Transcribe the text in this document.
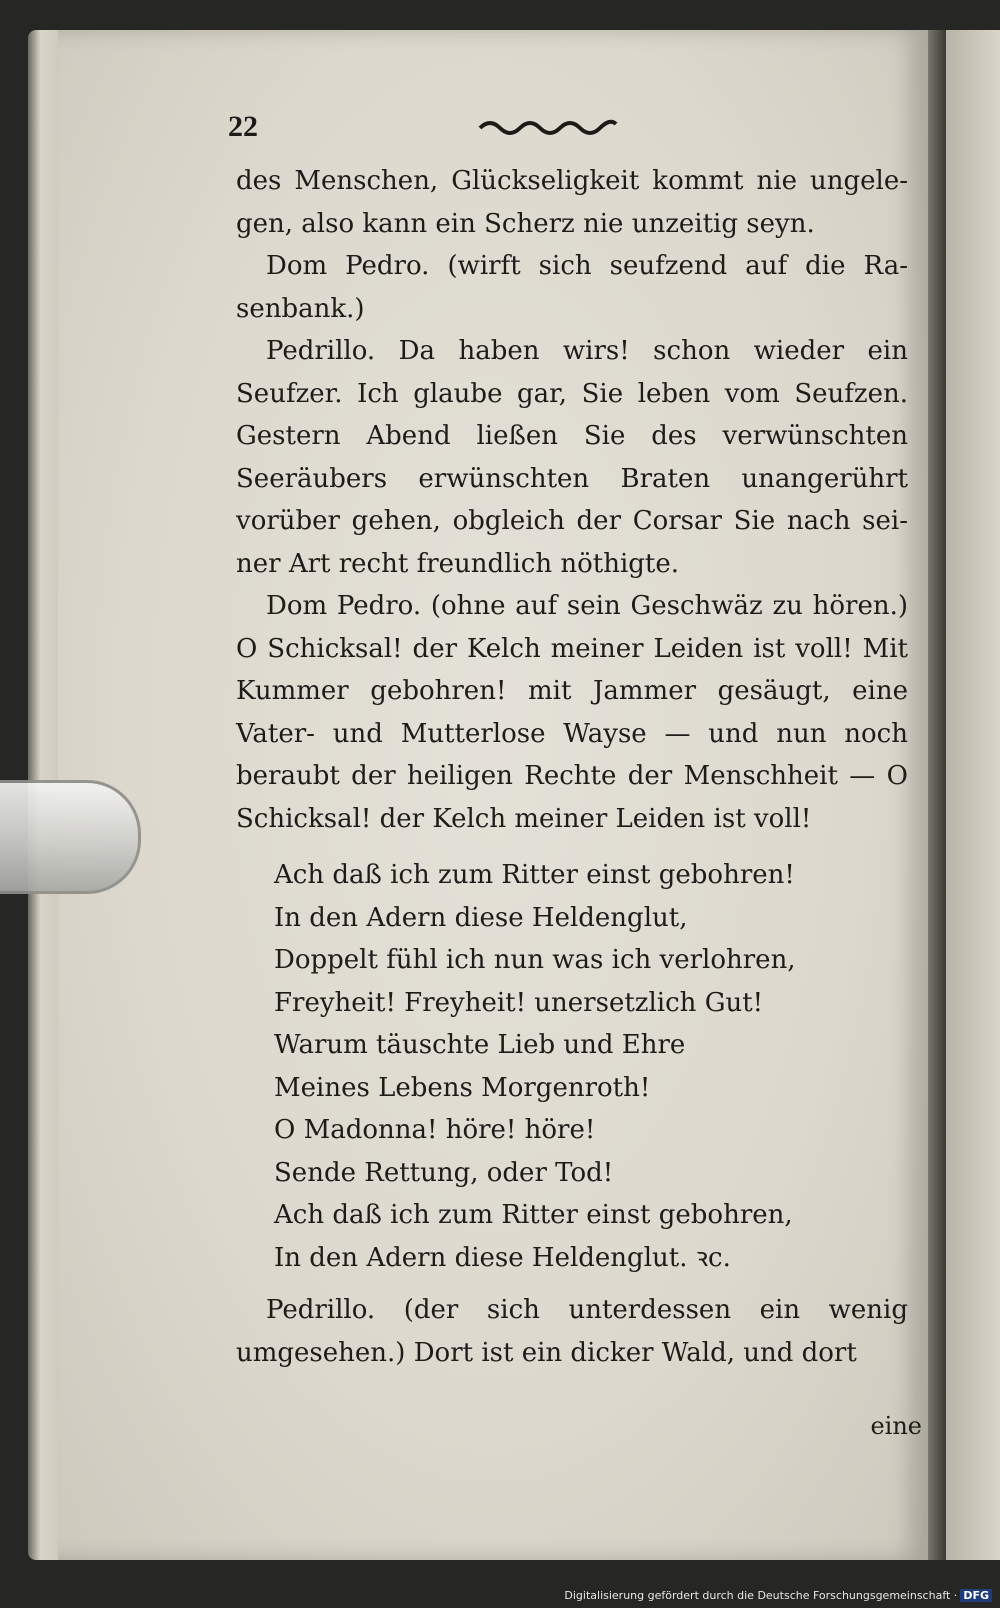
22

des Menschen, Glückseligkeit kommt nie ungelegen, also kann ein Scherz nie unzeitig seyn.

Dom Pedro. (wirft sich seufzend auf die Rasenbank.)

Pedrillo. Da haben wirs! schon wieder ein Seufzer. Ich glaube gar, Sie leben vom Seufzen. Gestern Abend ließen Sie des verwünschten Seeräubers erwünschten Braten unangerührt vorüber gehen, obgleich der Corsar Sie nach seiner Art recht freundlich nöthigte.

Dom Pedro. (ohne auf sein Geschwäz zu hören.) O Schicksal! der Kelch meiner Leiden ist voll! Mit Kummer gebohren! mit Jammer gesäugt, eine Vater- und Mutterlose Wayse — und nun noch beraubt der heiligen Rechte der Menschheit — O Schicksal! der Kelch meiner Leiden ist voll!

Ach daß ich zum Ritter einst gebohren!
In den Adern diese Heldenglut,
Doppelt fühl ich nun was ich verlohren,
Freyheit! Freyheit! unersetzlich Gut!
Warum täuschte Lieb und Ehre
Meines Lebens Morgenroth!
O Madonna! höre! höre!
Sende Rettung, oder Tod!
Ach daß ich zum Ritter einst gebohren,
In den Adern diese Heldenglut. ꝛc.

Pedrillo. (der sich unterdessen ein wenig umgesehen.) Dort ist ein dicker Wald, und dort

eine
Digitalisierung gefördert durch die Deutsche Forschungsgemeinschaft · DFG
